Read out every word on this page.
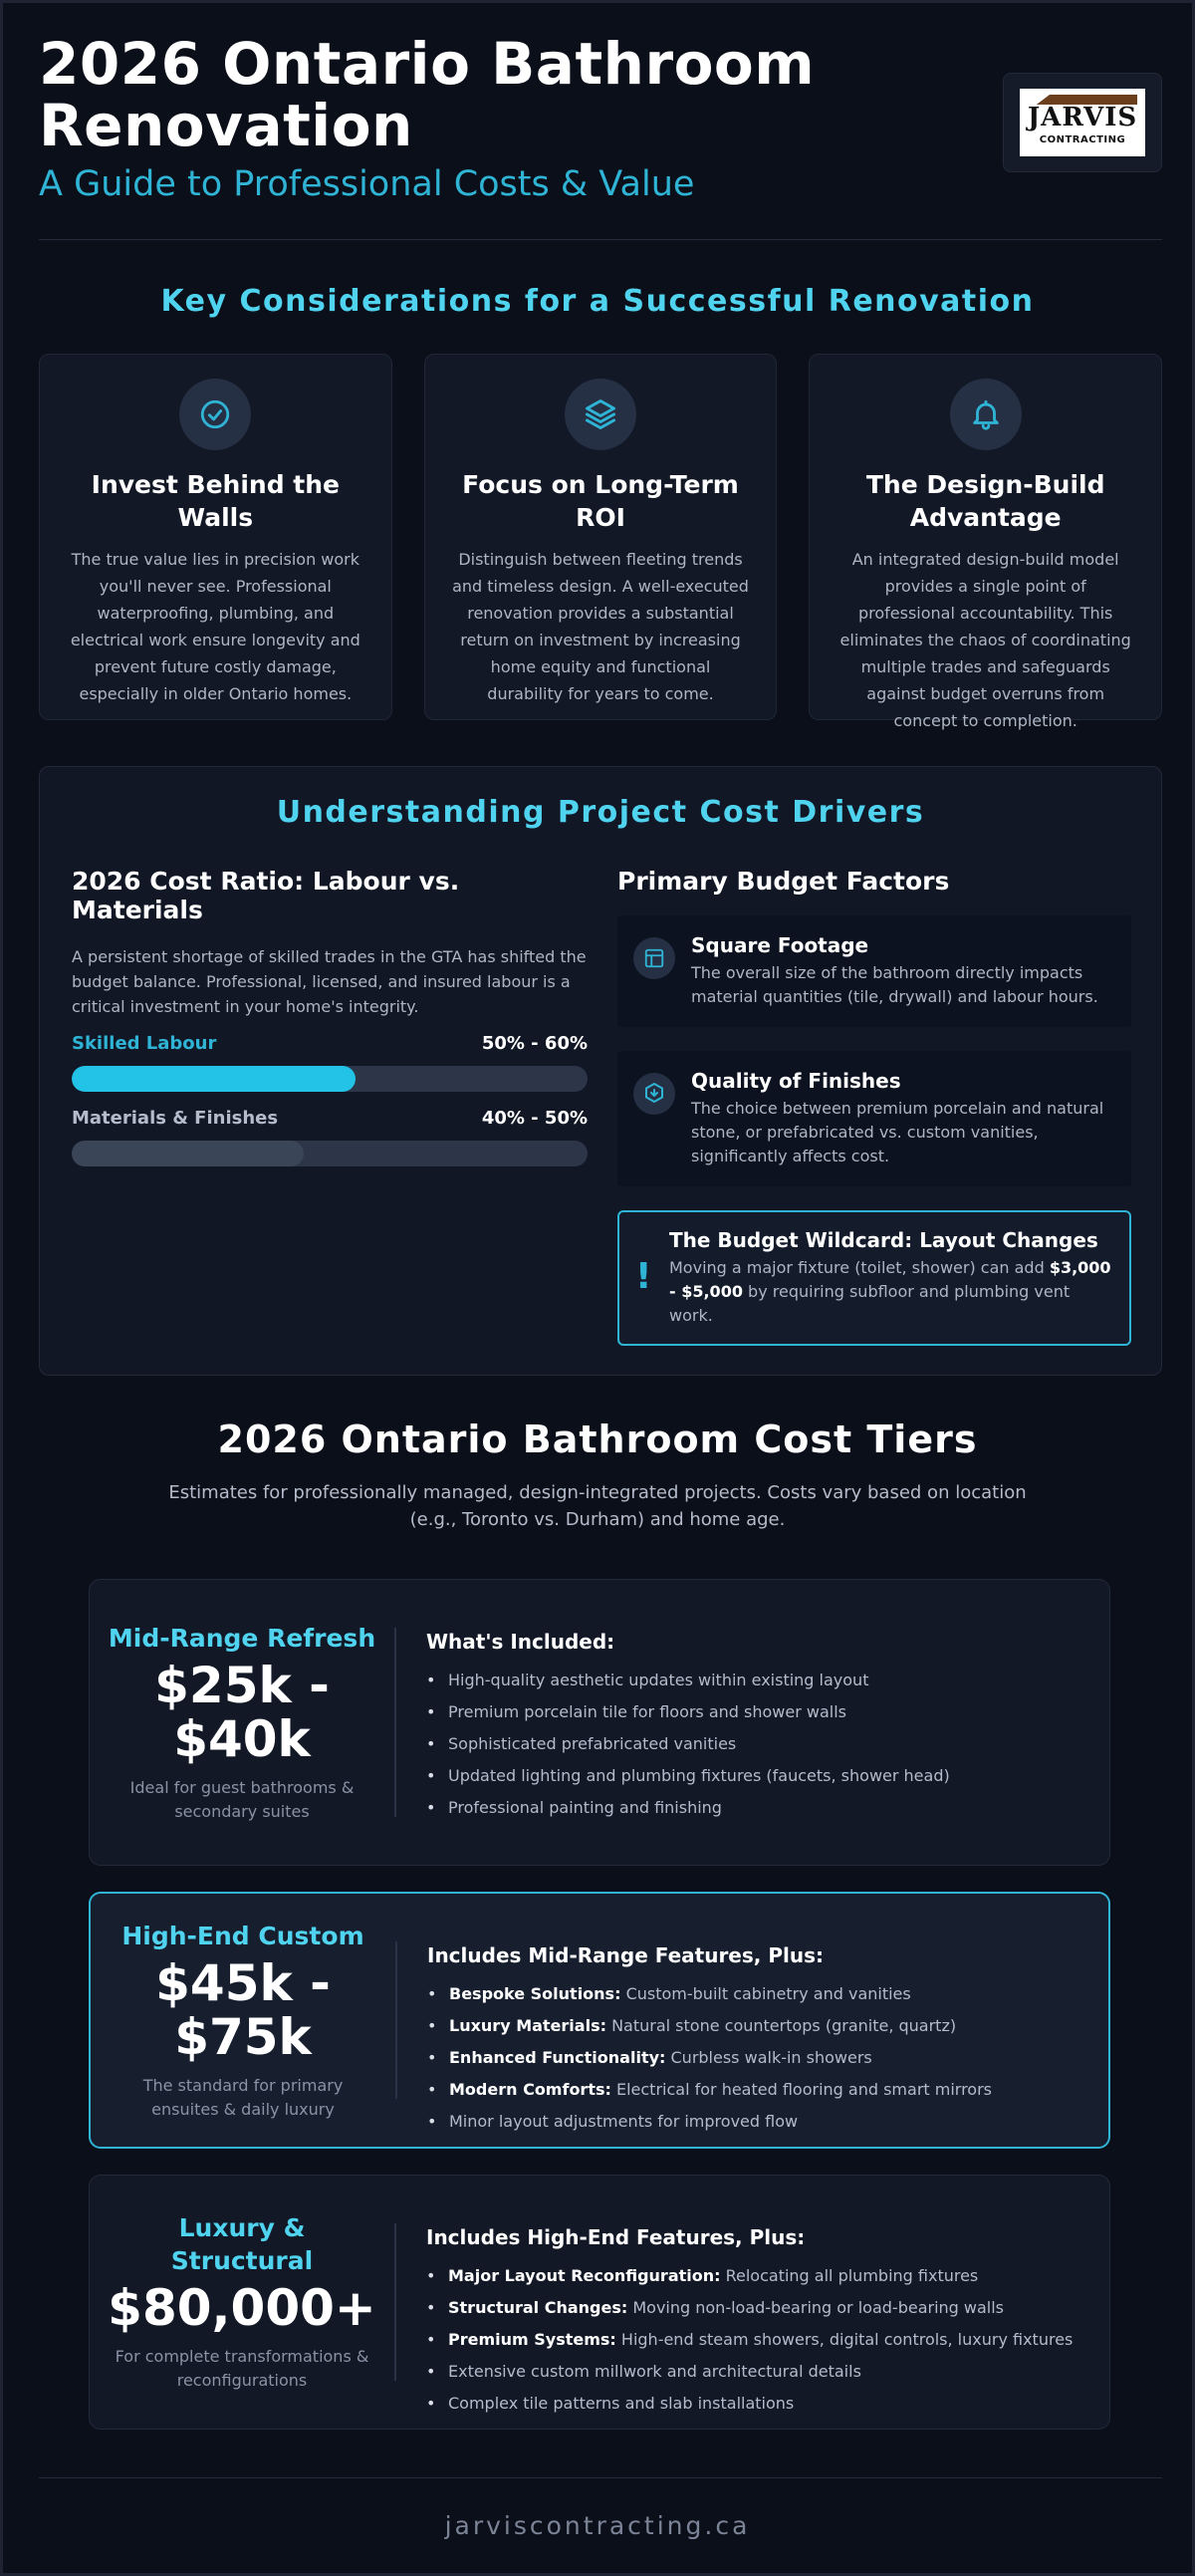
2026 Ontario Bathroom Renovation
A Guide to Professional Costs & Value
JARVIS
CONTRACTING
Key Considerations for a Successful Renovation
Invest Behind the Walls

The true value lies in precision work you'll never see. Professional waterproofing, plumbing, and electrical work ensure longevity and prevent future costly damage, especially in older Ontario homes.

Focus on Long-Term ROI

Distinguish between fleeting trends and timeless design. A well-executed renovation provides a substantial return on investment by increasing home equity and functional durability for years to come.

The Design-Build Advantage

An integrated design-build model provides a single point of professional accountability. This eliminates the chaos of coordinating multiple trades and safeguards against budget overruns from concept to completion.

Understanding Project Cost Drivers
2026 Cost Ratio: Labour vs. Materials

A persistent shortage of skilled trades in the GTA has shifted the budget balance. Professional, licensed, and insured labour is a critical investment in your home's integrity.

Skilled Labour	50% - 60%
Materials & Finishes	40% - 50%
Primary Budget Factors
Square Footage

The overall size of the bathroom directly impacts material quantities (tile, drywall) and labour hours.

Quality of Finishes

The choice between premium porcelain and natural stone, or prefabricated vs. custom vanities, significantly affects cost.

!
The Budget Wildcard: Layout Changes

Moving a major fixture (toilet, shower) can add $3,000 - $5,000 by requiring subfloor and plumbing vent work.

2026 Ontario Bathroom Cost Tiers

Estimates for professionally managed, design-integrated projects. Costs vary based on location (e.g., Toronto vs. Durham) and home age.

Mid-Range Refresh
$25k - $40k
Ideal for guest bathrooms & secondary suites
What's Included:
• High-quality aesthetic updates within existing layout
• Premium porcelain tile for floors and shower walls
• Sophisticated prefabricated vanities
• Updated lighting and plumbing fixtures (faucets, shower head)
• Professional painting and finishing
High-End Custom
$45k - $75k
The standard for primary ensuites & daily luxury
Includes Mid-Range Features, Plus:
• Bespoke Solutions: Custom-built cabinetry and vanities
• Luxury Materials: Natural stone countertops (granite, quartz)
• Enhanced Functionality: Curbless walk-in showers
• Modern Comforts: Electrical for heated flooring and smart mirrors
• Minor layout adjustments for improved flow
Luxury & Structural
$80,000+
For complete transformations & reconfigurations
Includes High-End Features, Plus:
• Major Layout Reconfiguration: Relocating all plumbing fixtures
• Structural Changes: Moving non-load-bearing or load-bearing walls
• Premium Systems: High-end steam showers, digital controls, luxury fixtures
• Extensive custom millwork and architectural details
• Complex tile patterns and slab installations
jarviscontracting.ca
